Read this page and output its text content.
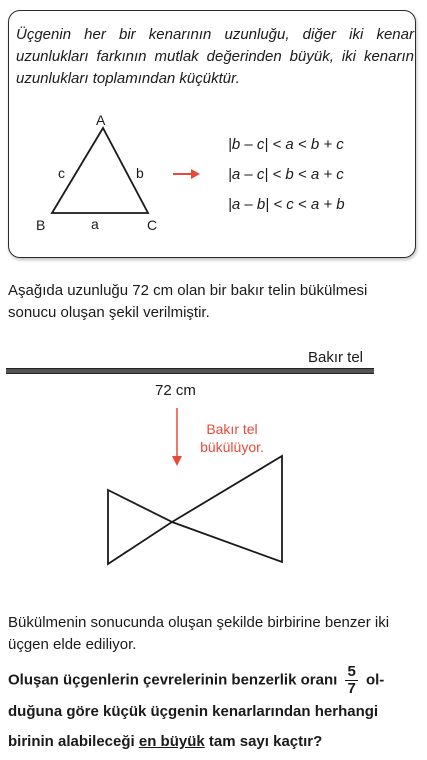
Üçgenin her bir kenarının uzunluğu, diğer iki kenar uzunlukları farkının mutlak değerinden büyük, iki kenarın uzunlukları toplamından küçüktür.
A
B	C
c	b
a
|b – c| < a < b + c
|a – c| < b < a + c
|a – b| < c < a + b
Aşağıda uzunluğu 72 cm olan bir bakır telin bükülmesi sonucu oluşan şekil verilmiştir.
Bakır tel
72 cm
Bakır tel
bükülüyor.
Bükülmenin sonucunda oluşan şekilde birbirine benzer iki üçgen elde ediliyor.
Oluşan üçgenlerin çevrelerinin benzerlik oranı $\frac{5}{7} ol-$
duğuna göre küçük üçgenin kenarlarından herhangi
birinin alabileceği en büyük tam sayı kaçtır?
